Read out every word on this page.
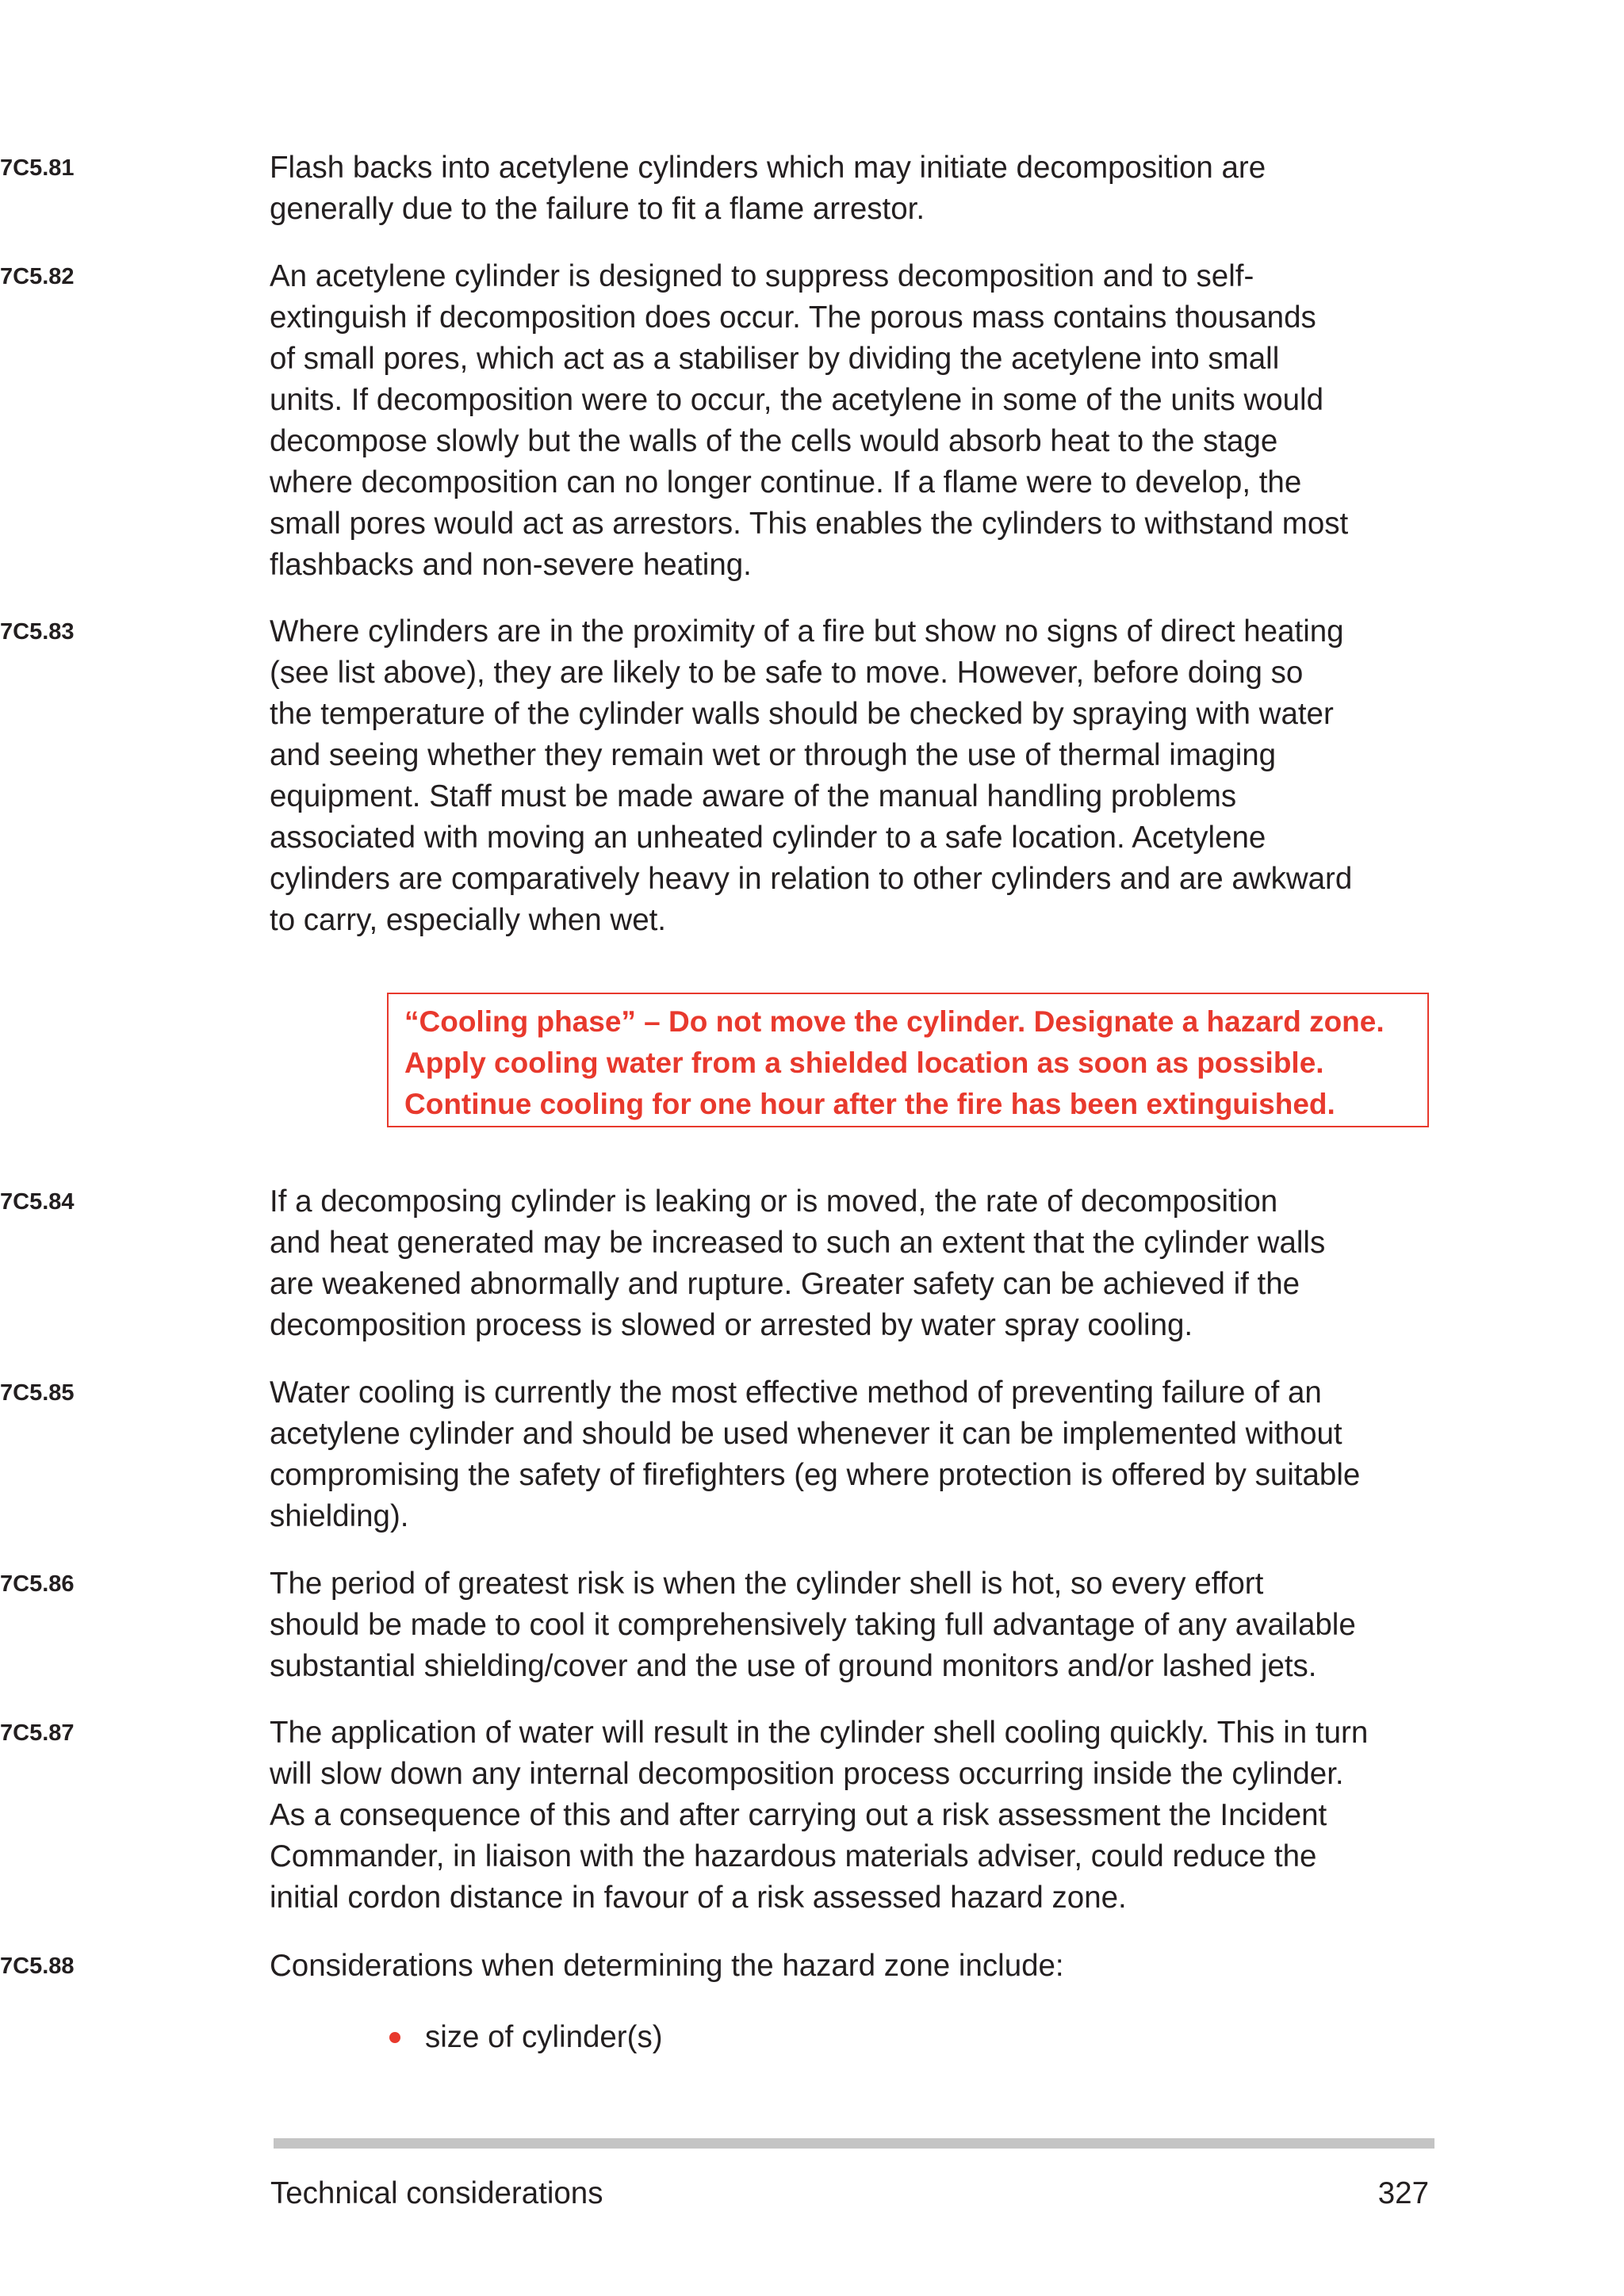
7C5.81	Flash backs into acetylene cylinders which may initiate decomposition are
generally due to the failure to fit a flame arrestor.
7C5.82	An acetylene cylinder is designed to suppress decomposition and to self-
extinguish if decomposition does occur. The porous mass contains thousands
of small pores, which act as a stabiliser by dividing the acetylene into small
units. If decomposition were to occur, the acetylene in some of the units would
decompose slowly but the walls of the cells would absorb heat to the stage
where decomposition can no longer continue. If a flame were to develop, the
small pores would act as arrestors. This enables the cylinders to withstand most
flashbacks and non-severe heating.
7C5.83	Where cylinders are in the proximity of a fire but show no signs of direct heating
(see list above), they are likely to be safe to move. However, before doing so
the temperature of the cylinder walls should be checked by spraying with water
and seeing whether they remain wet or through the use of thermal imaging
equipment. Staff must be made aware of the manual handling problems
associated with moving an unheated cylinder to a safe location. Acetylene
cylinders are comparatively heavy in relation to other cylinders and are awkward
to carry, especially when wet.
“Cooling phase” – Do not move the cylinder. Designate a hazard zone.
Apply cooling water from a shielded location as soon as possible.
Continue cooling for one hour after the fire has been extinguished.
7C5.84	If a decomposing cylinder is leaking or is moved, the rate of decomposition
and heat generated may be increased to such an extent that the cylinder walls
are weakened abnormally and rupture. Greater safety can be achieved if the
decomposition process is slowed or arrested by water spray cooling.
7C5.85	Water cooling is currently the most effective method of preventing failure of an
acetylene cylinder and should be used whenever it can be implemented without
compromising the safety of firefighters (eg where protection is offered by suitable
shielding).
7C5.86	The period of greatest risk is when the cylinder shell is hot, so every effort
should be made to cool it comprehensively taking full advantage of any available
substantial shielding/cover and the use of ground monitors and/or lashed jets.
7C5.87	The application of water will result in the cylinder shell cooling quickly. This in turn
will slow down any internal decomposition process occurring inside the cylinder.
As a consequence of this and after carrying out a risk assessment the Incident
Commander, in liaison with the hazardous materials adviser, could reduce the
initial cordon distance in favour of a risk assessed hazard zone.
7C5.88	Considerations when determining the hazard zone include:
size of cylinder(s)
Technical considerations	327
